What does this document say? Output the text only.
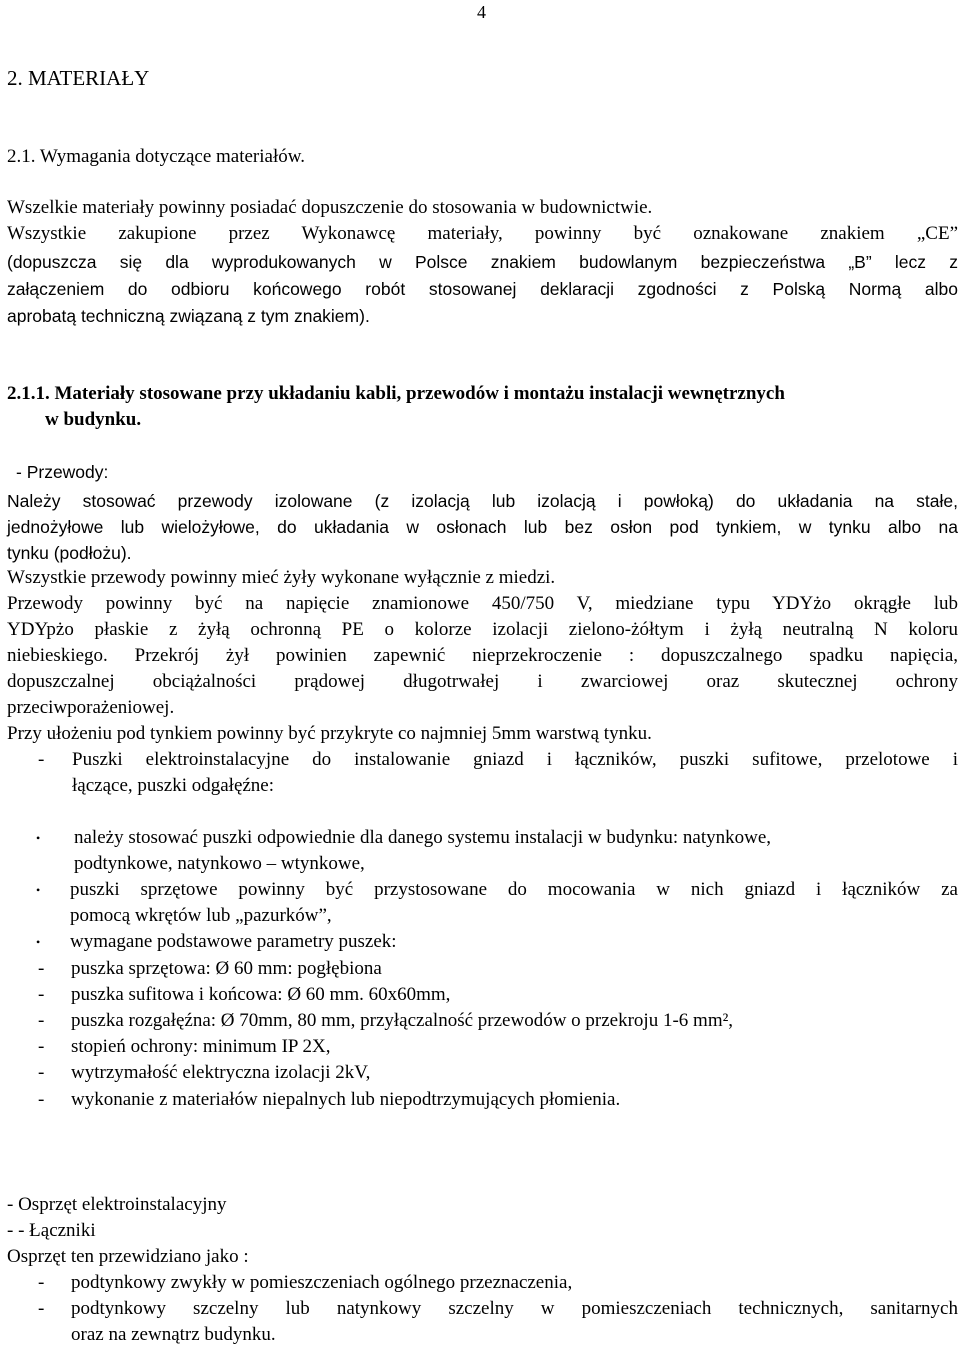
4
2. MATERIAŁY
2.1. Wymagania dotyczące materiałów.
Wszelkie materiały powinny posiadać dopuszczenie do stosowania w budownictwie.
Wszystkie zakupione przez Wykonawcę materiały, powinny być oznakowane znakiem „CE”
(dopuszcza się dla wyprodukowanych w Polsce znakiem budowlanym bezpieczeństwa „B” lecz z
załączeniem do odbioru końcowego robót stosowanej deklaracji zgodności z Polską Normą albo
aprobatą techniczną związaną z tym znakiem).
2.1.1. Materiały stosowane przy układaniu kabli, przewodów i montażu instalacji wewnętrznych
w budynku.
- Przewody:
Należy stosować przewody izolowane (z izolacją lub izolacją i powłoką) do układania na stałe,
jednożyłowe lub wielożyłowe, do układania w osłonach lub bez osłon pod tynkiem, w tynku albo na
tynku (podłożu).
Wszystkie przewody powinny mieć żyły wykonane wyłącznie z miedzi.
Przewody powinny być na napięcie znamionowe 450/750 V, miedziane typu YDYżo okrągłe lub
YDYpżo płaskie z żyłą ochronną PE o kolorze izolacji zielono-żółtym i żyłą neutralną N koloru
niebieskiego. Przekrój żył powinien zapewnić nieprzekroczenie : dopuszczalnego spadku napięcia,
dopuszczalnej obciążalności prądowej długotrwałej i zwarciowej oraz skutecznej ochrony
przeciwporażeniowej.
Przy ułożeniu pod tynkiem powinny być przykryte co najmniej 5mm warstwą tynku.
-	Puszki elektroinstalacyjne do instalowanie gniazd i łączników, puszki sufitowe, przelotowe i
łączące, puszki odgałęźne:
• należy stosować puszki odpowiednie dla danego systemu instalacji w budynku: natynkowe,
podtynkowe, natynkowo – wtynkowe,
• puszki sprzętowe powinny być przystosowane do mocowania w nich gniazd i łączników za
pomocą wkrętów lub „pazurków”,
• wymagane podstawowe parametry puszek:
- puszka sprzętowa: Ø 60 mm: pogłębiona
- puszka sufitowa i końcowa: Ø 60 mm. 60x60mm,
- puszka rozgałęźna: Ø 70mm, 80 mm, przyłączalność przewodów o przekroju 1-6 mm²,
- stopień ochrony: minimum IP 2X,
- wytrzymałość elektryczna izolacji 2kV,
- wykonanie z materiałów niepalnych lub niepodtrzymujących płomienia.
- Osprzęt elektroinstalacyjny
- - Łączniki
Osprzęt ten przewidziano jako :
- podtynkowy zwykły w pomieszczeniach ogólnego przeznaczenia,
-	podtynkowy szczelny lub natynkowy szczelny w pomieszczeniach technicznych, sanitarnych
oraz na zewnątrz budynku.
